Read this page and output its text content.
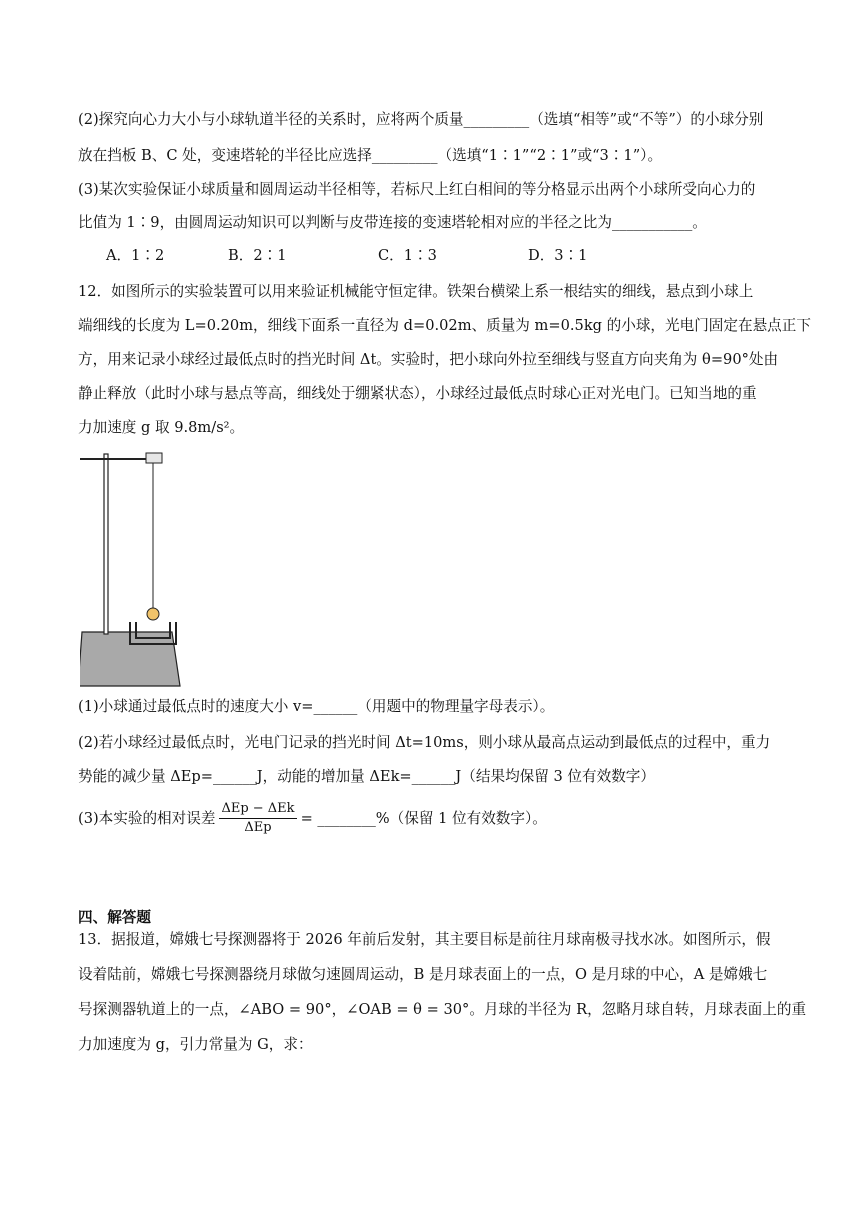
(2)探究向心力大小与小球轨道半径的关系时，应将两个质量_________（选填“相等”或“不等”）的小球分别
放在挡板 B、C 处，变速塔轮的半径比应选择_________（选填“1∶1”“2∶1”或“3∶1”）。
(3)某次实验保证小球质量和圆周运动半径相等，若标尺上红白相间的等分格显示出两个小球所受向心力的
比值为 1∶9，由圆周运动知识可以判断与皮带连接的变速塔轮相对应的半径之比为___________。
A．1∶2	B．2∶1	C．1∶3	D．3∶1
12．如图所示的实验装置可以用来验证机械能守恒定律。铁架台横梁上系一根结实的细线，悬点到小球上
端细线的长度为 L=0.20m，细线下面系一直径为 d=0.02m、质量为 m=0.5kg 的小球，光电门固定在悬点正下
方，用来记录小球经过最低点时的挡光时间 Δt。实验时，把小球向外拉至细线与竖直方向夹角为 θ=90°处由
静止释放（此时小球与悬点等高，细线处于绷紧状态），小球经过最低点时球心正对光电门。已知当地的重
力加速度 g 取 9.8m/s²。
(1)小球通过最低点时的速度大小 v=______（用题中的物理量字母表示）。
(2)若小球经过最低点时，光电门记录的挡光时间 Δt=10ms，则小球从最高点运动到最低点的过程中，重力
势能的减少量 ΔEp=______J，动能的增加量 ΔEk=______J（结果均保留 3 位有效数字）
(3)本实验的相对误差 $\frac{\text{ΔEp − ΔEk}}{\text{ΔEp}}$ = ________%（保留 1 位有效数字）。
四、解答题
13．据报道，嫦娥七号探测器将于 2026 年前后发射，其主要目标是前往月球南极寻找水冰。如图所示，假
设着陆前，嫦娥七号探测器绕月球做匀速圆周运动，B 是月球表面上的一点，O 是月球的中心，A 是嫦娥七
号探测器轨道上的一点，∠ABO = 90°，∠OAB = θ = 30°。月球的半径为 R，忽略月球自转，月球表面上的重
力加速度为 g，引力常量为 G，求：
